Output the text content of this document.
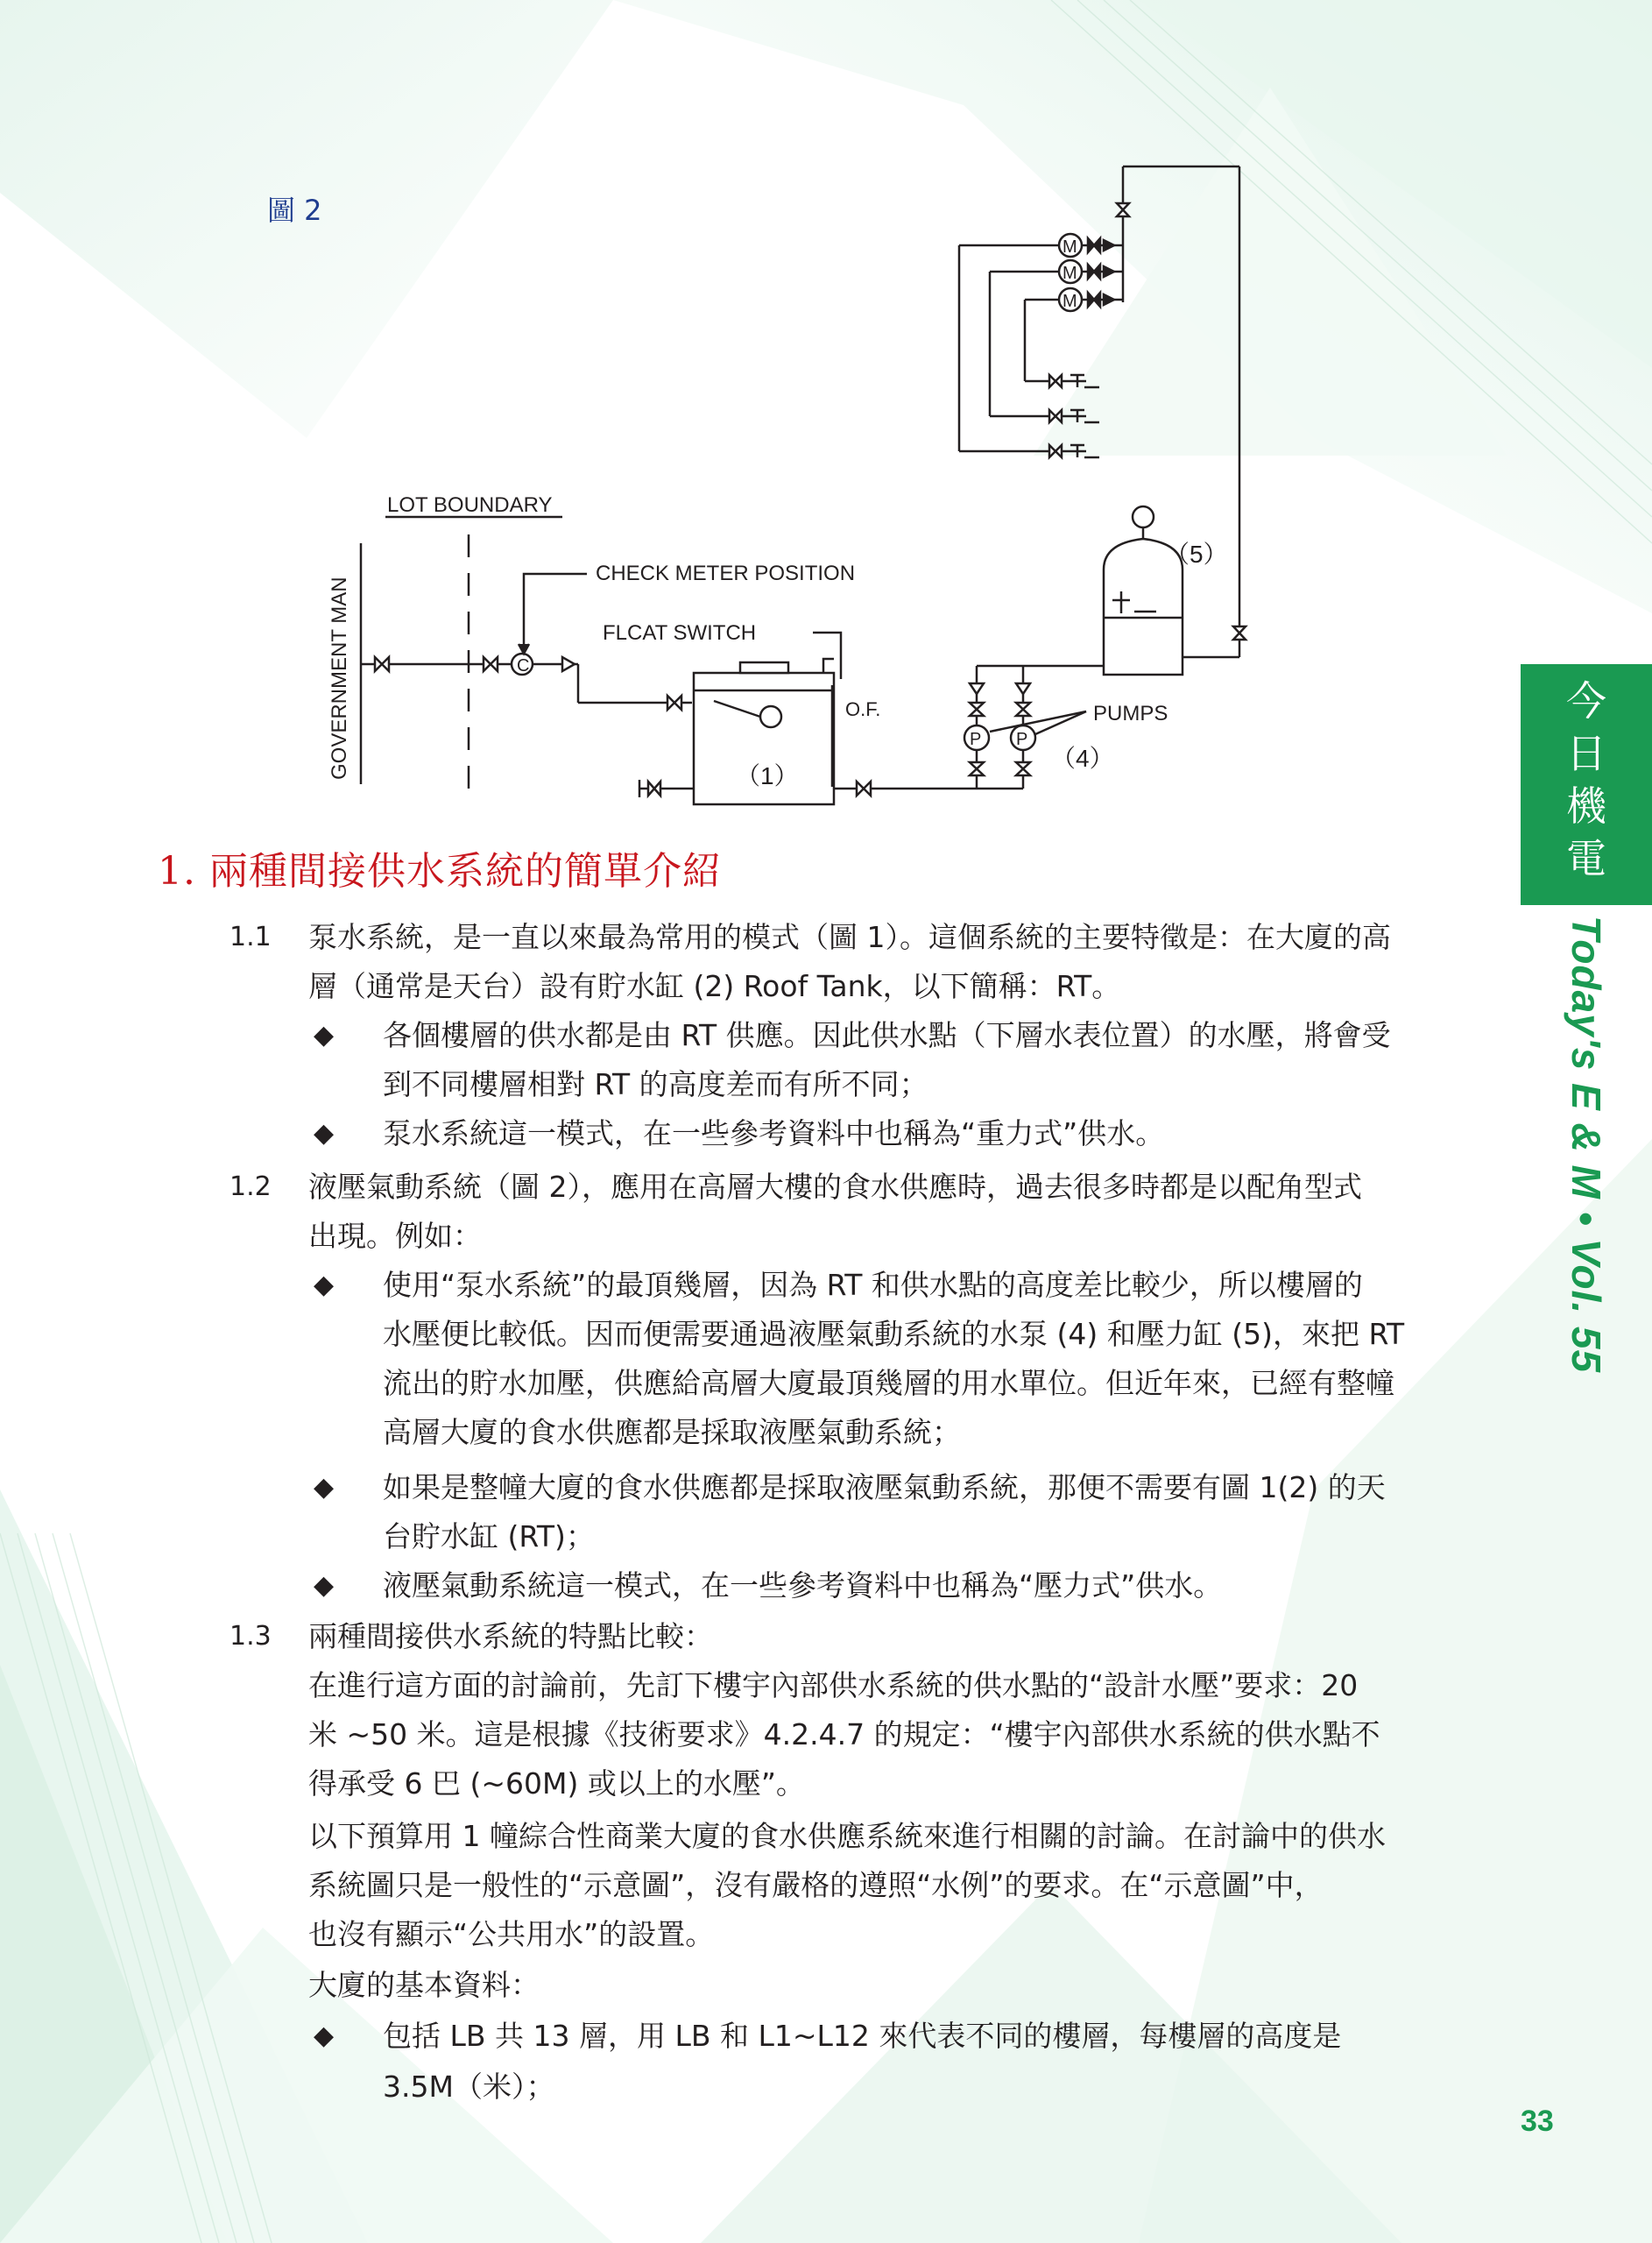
圖 2
GOVERNMENT MAN
LOT BOUNDARY
C
CHECK METER POSITION
FLCAT SWITCH
（1）
O.F.
P P
PUMPS
（4）
（5）
M
M
M
今
日
機
電
Today's E & M • Vol. 55
1. 兩種間接供水系統的簡單介紹
1.1 泵水系統，是一直以來最為常用的模式（圖 1）。這個系統的主要特徵是：在大廈的高
層（通常是天台）設有貯水缸 (2) Roof Tank，以下簡稱：RT。
◆ 各個樓層的供水都是由 RT 供應。因此供水點（下層水表位置）的水壓，將會受
到不同樓層相對 RT 的高度差而有所不同；
◆ 泵水系統這一模式，在一些參考資料中也稱為“重力式”供水。
1.2 液壓氣動系統（圖 2），應用在高層大樓的食水供應時，過去很多時都是以配角型式
出現。例如：
◆ 使用“泵水系統”的最頂幾層，因為 RT 和供水點的高度差比較少，所以樓層的
水壓便比較低。因而便需要通過液壓氣動系統的水泵 (4) 和壓力缸 (5)，來把 RT
流出的貯水加壓，供應給高層大廈最頂幾層的用水單位。但近年來，已經有整幢
高層大廈的食水供應都是採取液壓氣動系統；
◆ 如果是整幢大廈的食水供應都是採取液壓氣動系統，那便不需要有圖 1(2) 的天
台貯水缸 (RT)；
◆ 液壓氣動系統這一模式，在一些參考資料中也稱為“壓力式”供水。
1.3 兩種間接供水系統的特點比較：
在進行這方面的討論前，先訂下樓宇內部供水系統的供水點的“設計水壓”要求：20
米 ~50 米。這是根據《技術要求》4.2.4.7 的規定：“樓宇內部供水系統的供水點不
得承受 6 巴 (~60M) 或以上的水壓”。
以下預算用 1 幢綜合性商業大廈的食水供應系統來進行相關的討論。在討論中的供水
系統圖只是一般性的“示意圖”，沒有嚴格的遵照“水例”的要求。在“示意圖”中，
也沒有顯示“公共用水”的設置。
大廈的基本資料：
◆ 包括 LB 共 13 層，用 LB 和 L1~L12 來代表不同的樓層，每樓層的高度是
3.5M（米）；
33
